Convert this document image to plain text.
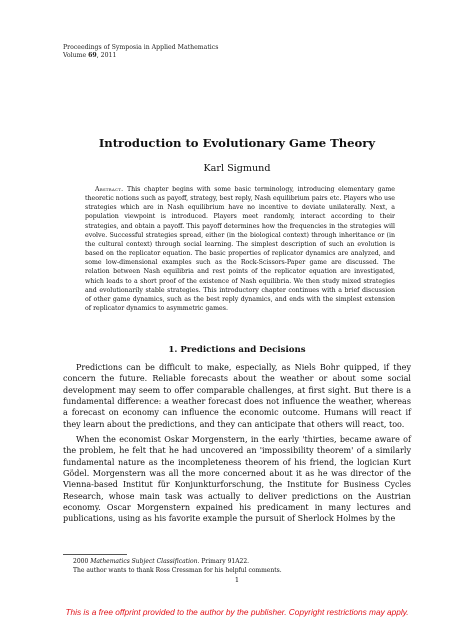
Proceedings of Symposia in Applied Mathematics
Volume 69, 2011
Introduction to Evolutionary Game Theory
Karl Sigmund
Abstract. This chapter begins with some basic terminology, introducing elementary game theoretic notions such as payoff, strategy, best reply, Nash equilibrium pairs etc. Players who use strategies which are in Nash equilibrium have no incentive to deviate unilaterally. Next, a population viewpoint is introduced. Players meet randomly, interact according to their strategies, and obtain a payoff. This payoff determines how the frequencies in the strategies will evolve. Successful strategies spread, either (in the biological context) through inheritance or (in the cultural context) through social learning. The simplest description of such an evolution is based on the replicator equation. The basic properties of replicator dynamics are analyzed, and some low-dimensional examples such as the Rock-Scissors-Paper game are discussed. The relation between Nash equilibria and rest points of the replicator equation are investigated, which leads to a short proof of the existence of Nash equilibria. We then study mixed strategies and evolutionarily stable strategies. This introductory chapter continues with a brief discussion of other game dynamics, such as the best reply dynamics, and ends with the simplest extension of replicator dynamics to asymmetric games.
1. Predictions and Decisions

Predictions can be difficult to make, especially, as Niels Bohr quipped, if they concern the future. Reliable forecasts about the weather or about some social development may seem to offer comparable challenges, at first sight. But there is a fundamental difference: a weather forecast does not influence the weather, whereas a forecast on economy can influence the economic outcome. Humans will react if they learn about the predictions, and they can anticipate that others will react, too.

When the economist Oskar Morgenstern, in the early 'thirties, became aware of the problem, he felt that he had uncovered an 'impossibility theorem' of a similarly fundamental nature as the incompleteness theorem of his friend, the logician Kurt Gödel. Morgenstern was all the more concerned about it as he was director of the Vienna-based Institut für Konjunkturforschung, the Institute for Business Cycles Research, whose main task was actually to deliver predictions on the Austrian economy. Oscar Morgenstern expained his predicament in many lectures and publications, using as his favorite example the pursuit of Sherlock Holmes by the

2000 Mathematics Subject Classification. Primary 91A22.
The author wants to thank Ross Cressman for his helpful comments.
1
This is a free offprint provided to the author by the publisher. Copyright restrictions may apply.
